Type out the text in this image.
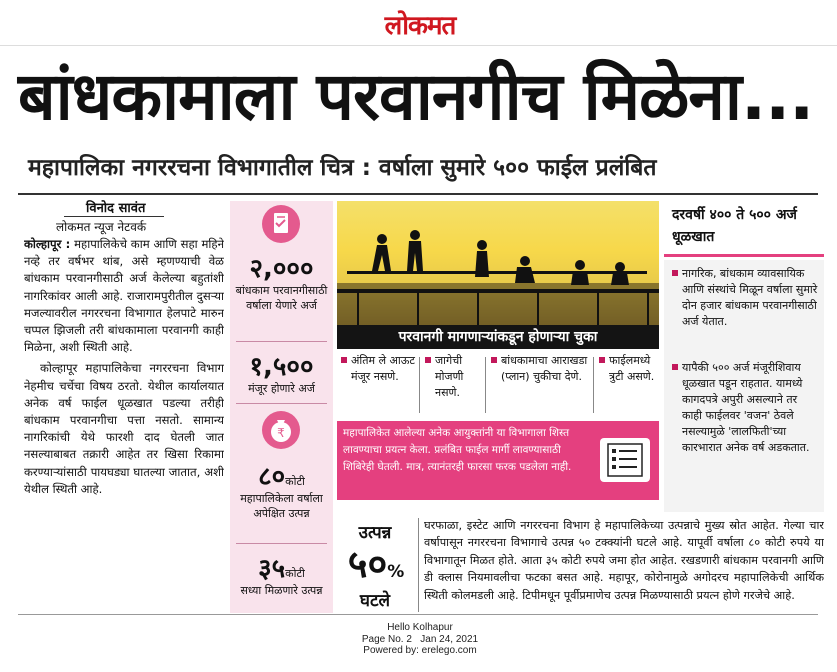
लोकमत
बांधकामाला परवानगीच मिळेना...
महापालिका नगररचना विभागातील चित्र : वर्षाला सुमारे ५०० फाईल प्रलंबित
विनोद सावंत
लोकमत न्यूज नेटवर्क

कोल्हापूर : महापालिकेचे काम आणि सहा महिने नव्हे तर वर्षभर थांब, असे म्हणण्याची वेळ बांधकाम परवानगीसाठी अर्ज केलेल्या बहुतांशी नागरिकांवर आली आहे. राजारामपुरीतील दुसऱ्या मजल्यावरील नगररचना विभागात हेलपाटे मारुन चप्पल झिजली तरी बांधकामाला परवानगी काही मिळेना, अशी स्थिती आहे.

कोल्हापूर महापालिकेचा नगररचना विभाग नेहमीच चर्चेचा विषय ठरतो. येथील कार्यालयात अनेक वर्ष फाईल धूळखात पडल्या तरीही बांधकाम परवानगीचा पत्ता नसतो. सामान्य नागरिकांची येथे फारशी दाद घेतली जात नसल्याबाबत तक्रारी आहेत तर खिसा रिकामा करण्याऱ्यांसाठी पायघड्या घातल्या जातात, अशी येथील स्थिती आहे.

२,०००
बांधकाम परवानगीसाठी वर्षाला येणारे अर्ज
१,५००
मंजूर होणारे अर्ज
₹
८०कोटी
महापालिकेला वर्षाला अपेक्षित उत्पन्न
३५कोटी
सध्या मिळणारे उत्पन्न
परवानगी मागणाऱ्यांकडून होणाऱ्या चुका
अंतिम ले आऊट मंजूर नसणे.
जागेची मोजणी नसणे.
बांधकामाचा आराखडा (प्लान) चुकीचा देणे.
फाईलमध्ये त्रुटी असणे.
महापालिकेत आलेल्या अनेक आयुक्तांनी या विभागाला शिस्त लावण्याचा प्रयत्न केला. प्रलंबित फाईल मार्गी लावण्यासाठी शिबिरेही घेतली. मात्र, त्यानंतरही फारसा फरक पडलेला नाही.
दरवर्षी ४०० ते ५०० अर्ज धूळखात
नागरिक, बांधकाम व्यावसायिक आणि संस्थांचे मिळून वर्षाला सुमारे दोन हजार बांधकाम परवानगीसाठी अर्ज येतात.
यापैकी ५०० अर्ज मंजूरीशिवाय धूळखात पडून राहतात. यामध्ये कागदपत्रे अपुरी असल्याने तर काही फाईलवर 'वजन' ठेवले नसल्यामुळे 'लालफिती'च्या कारभारात अनेक वर्ष अडकतात.
उत्पन्न
५०%
घटले
घरफाळा, इस्टेट आणि नगररचना विभाग हे महापालिकेच्या उत्पन्नाचे मुख्य स्रोत आहेत. गेल्या चार वर्षापासून नगररचना विभागाचे उत्पन्न ५० टक्क्यांनी घटले आहे. यापूर्वी वर्षाला ८० कोटी रुपये या विभागातून मिळत होते. आता ३५ कोटी रुपये जमा होत आहेत. रखडणारी बांधकाम परवानगी आणि डी क्लास नियमावलीचा फटका बसत आहे. महापूर, कोरोनामुळे अगोदरच महापालिकेची आर्थिक स्थिती कोलमडली आहे. टिपीमधून पूर्वीप्रमाणेच उत्पन्न मिळण्यासाठी प्रयत्न होणे गरजेचे आहे.
Hello Kolhapur
Page No. 2 Jan 24, 2021
Powered by: erelego.com
